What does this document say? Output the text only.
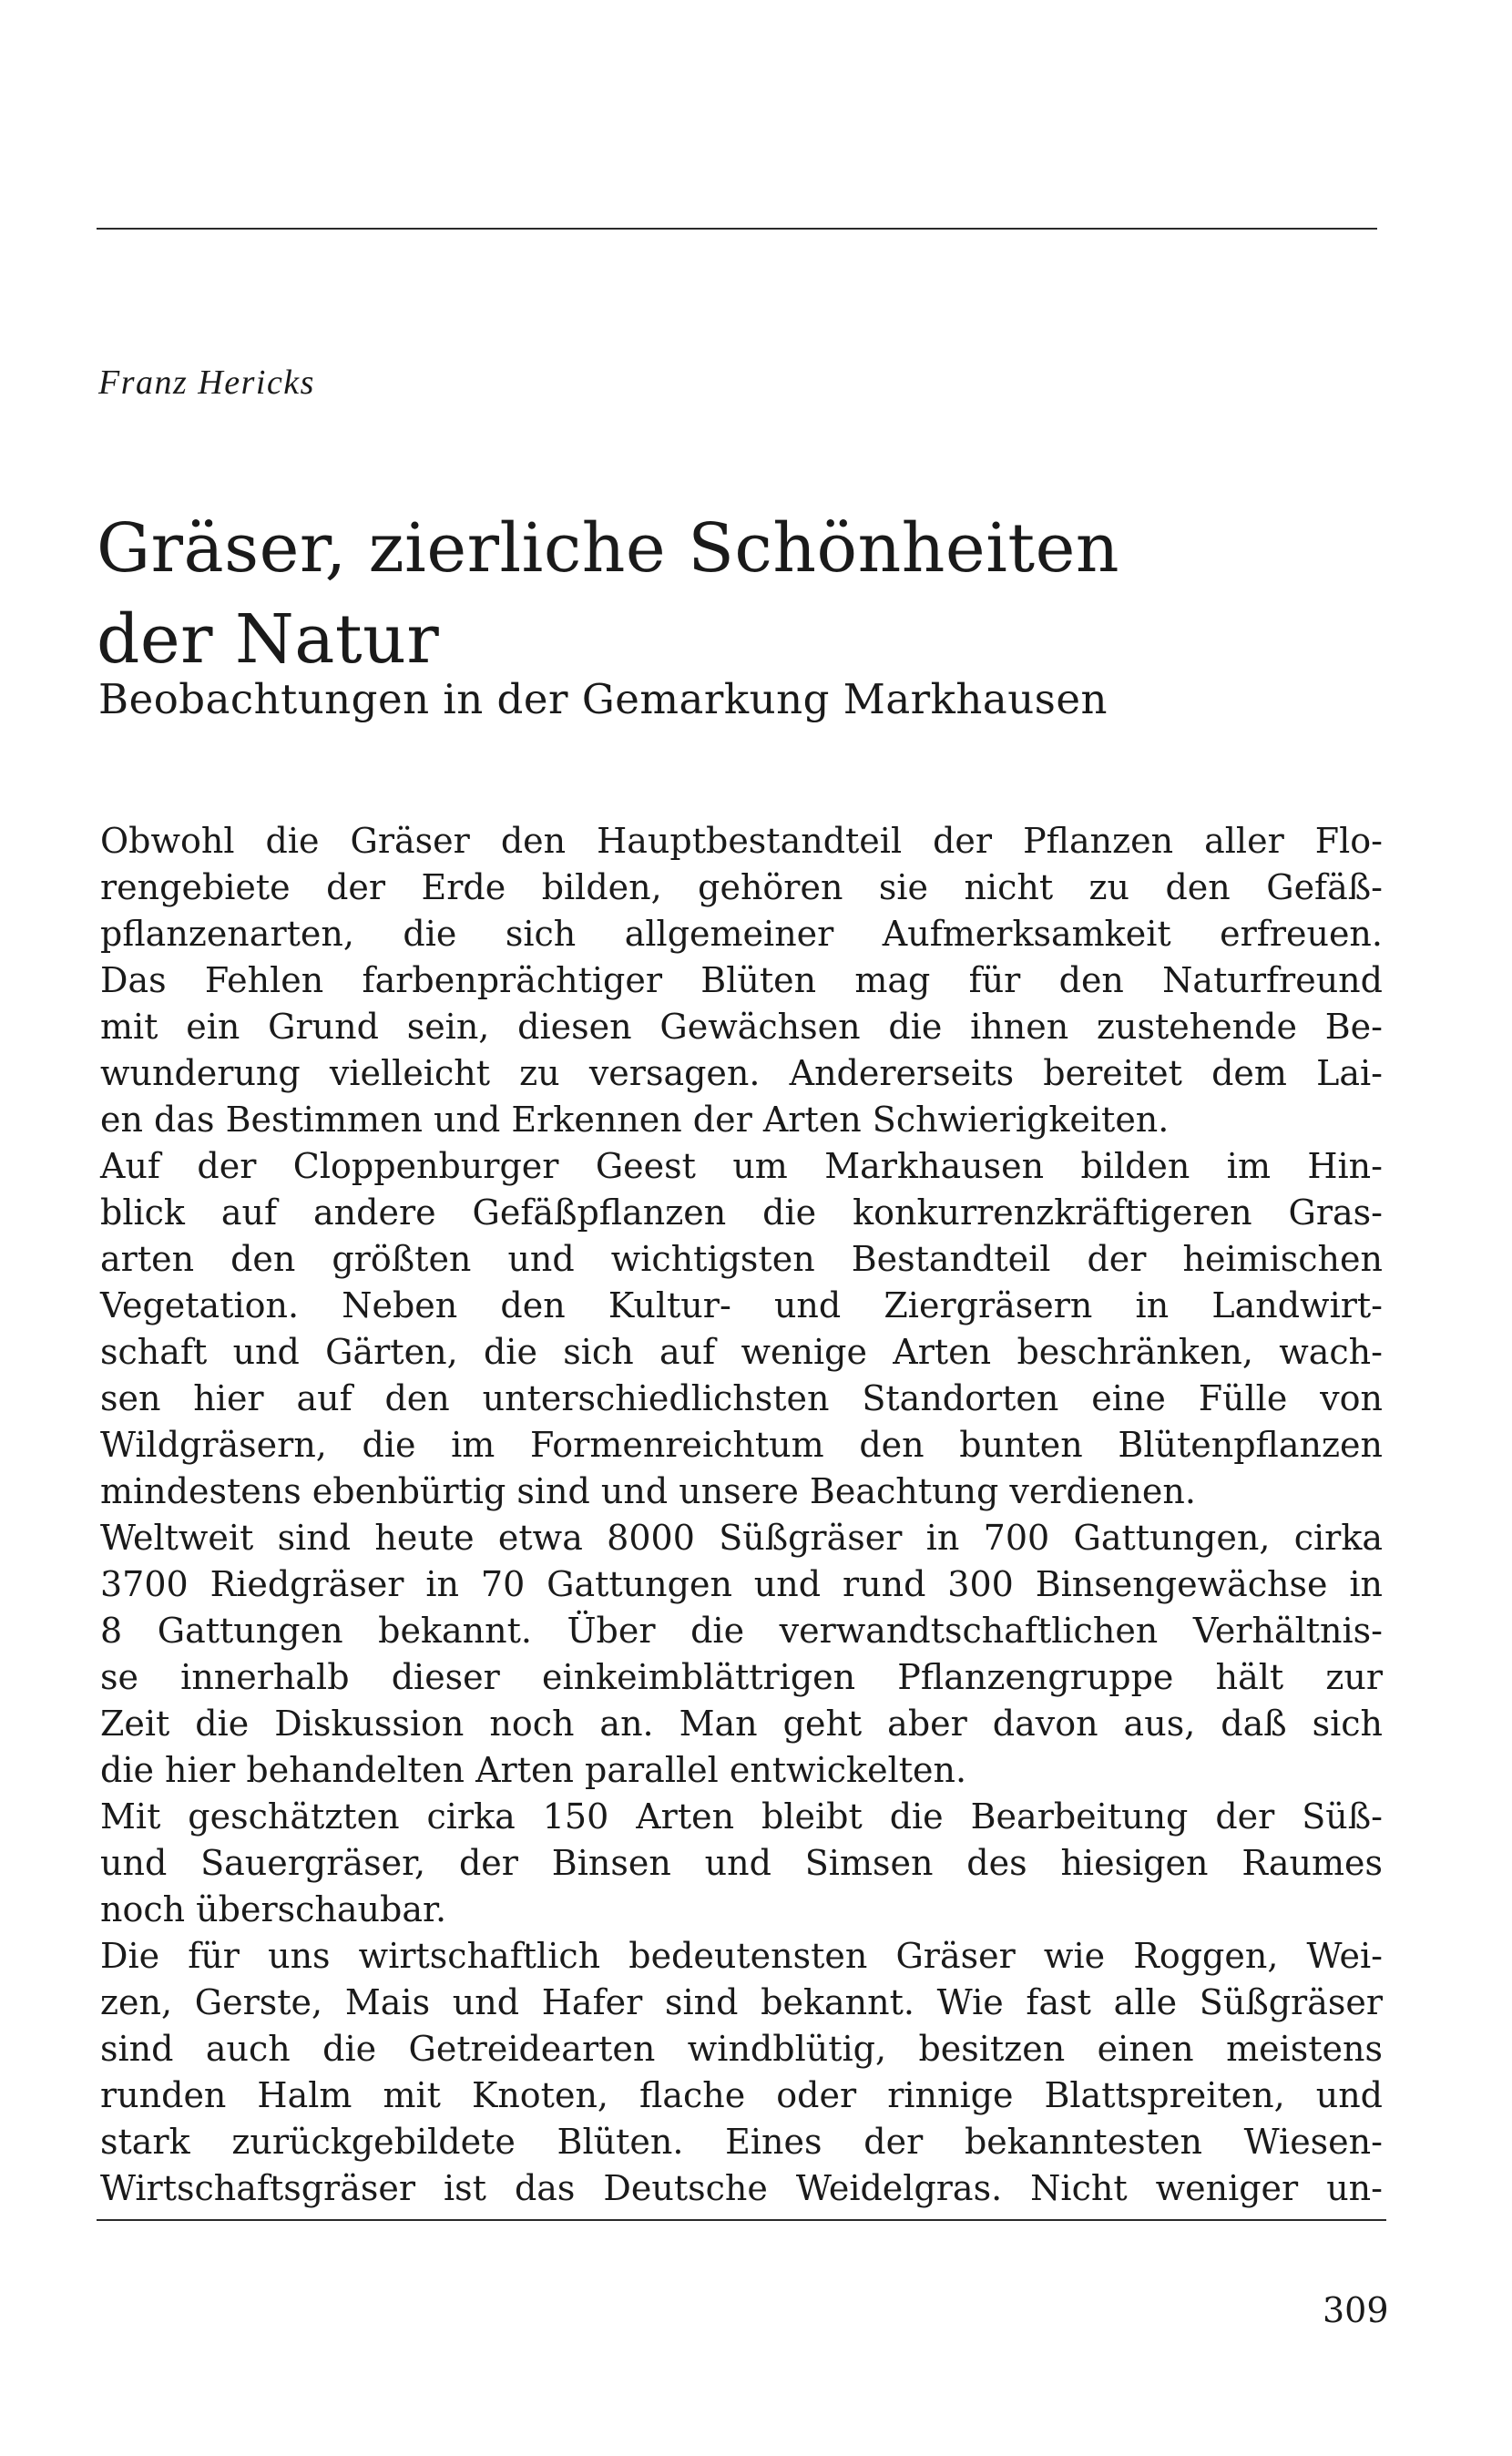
Franz Hericks

Gräser, zierliche Schönheiten
der Natur
Beobachtungen in der Gemarkung Markhausen
Obwohl die Gräser den Hauptbestandteil der Pflanzen aller Flo-
rengebiete der Erde bilden, gehören sie nicht zu den Gefäß-
pflanzenarten, die sich allgemeiner Aufmerksamkeit erfreuen.
Das Fehlen farbenprächtiger Blüten mag für den Naturfreund
mit ein Grund sein, diesen Gewächsen die ihnen zustehende Be-
wunderung vielleicht zu versagen. Andererseits bereitet dem Lai-
en das Bestimmen und Erkennen der Arten Schwierigkeiten.
Auf der Cloppenburger Geest um Markhausen bilden im Hin-
blick auf andere Gefäßpflanzen die konkurrenzkräftigeren Gras-
arten den größten und wichtigsten Bestandteil der heimischen
Vegetation. Neben den Kultur- und Ziergräsern in Landwirt-
schaft und Gärten, die sich auf wenige Arten beschränken, wach-
sen hier auf den unterschiedlichsten Standorten eine Fülle von
Wildgräsern, die im Formenreichtum den bunten Blütenpflanzen
mindestens ebenbürtig sind und unsere Beachtung verdienen.
Weltweit sind heute etwa 8000 Süßgräser in 700 Gattungen, cirka
3700 Riedgräser in 70 Gattungen und rund 300 Binsengewächse in
8 Gattungen bekannt. Über die verwandtschaftlichen Verhältnis-
se innerhalb dieser einkeimblättrigen Pflanzengruppe hält zur
Zeit die Diskussion noch an. Man geht aber davon aus, daß sich
die hier behandelten Arten parallel entwickelten.
Mit geschätzten cirka 150 Arten bleibt die Bearbeitung der Süß-
und Sauergräser, der Binsen und Simsen des hiesigen Raumes
noch überschaubar.
Die für uns wirtschaftlich bedeutensten Gräser wie Roggen, Wei-
zen, Gerste, Mais und Hafer sind bekannt. Wie fast alle Süßgräser
sind auch die Getreidearten windblütig, besitzen einen meistens
runden Halm mit Knoten, flache oder rinnige Blattspreiten, und
stark zurückgebildete Blüten. Eines der bekanntesten Wiesen-
Wirtschaftsgräser ist das Deutsche Weidelgras. Nicht weniger un-

309
